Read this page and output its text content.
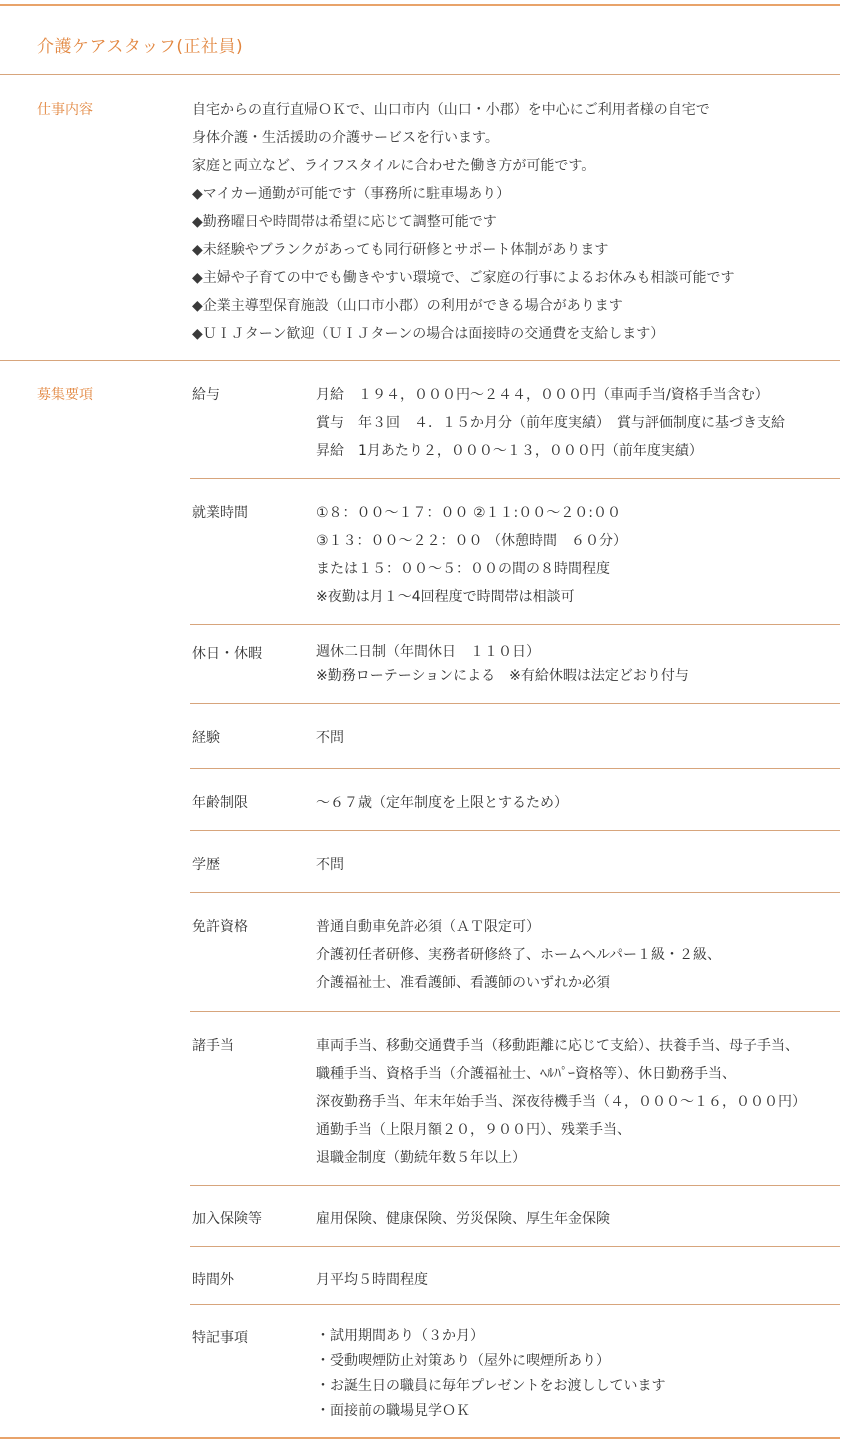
介護ケアスタッフ(正社員)
仕事内容	自宅からの直行直帰ＯＫで、山口市内（山口・小郡）を中心にご利用者様の自宅で
身体介護・生活援助の介護サービスを行います。
家庭と両立など、ライフスタイルに合わせた働き方が可能です。
◆マイカー通勤が可能です（事務所に駐車場あり）
◆勤務曜日や時間帯は希望に応じて調整可能です
◆未経験やブランクがあっても同行研修とサポート体制があります
◆主婦や子育ての中でも働きやすい環境で、ご家庭の行事によるお休みも相談可能です
◆企業主導型保育施設（山口市小郡）の利用ができる場合があります
◆ＵＩＪターン歓迎（ＵＩＪターンの場合は面接時の交通費を支給します）
募集要項	給与	月給　１９４，０００円～２４４，０００円（車両手当/資格手当含む）
賞与　年３回　４．１５か月分（前年度実績）　賞与評価制度に基づき支給
昇給　1月あたり２，０００～１３，０００円（前年度実績）
就業時間	①８：００～１７：００ ②１１:００～２０:００
③１３：００～２２：００ （休憩時間　６０分）
または１５：００～５：００の間の８時間程度
※夜勤は月１～4回程度で時間帯は相談可
休日・休暇	週休二日制（年間休日　１１０日）
※勤務ローテーションによる　※有給休暇は法定どおり付与
経験	不問
年齢制限	～６７歳（定年制度を上限とするため）
学歴	不問
免許資格	普通自動車免許必須（ＡＴ限定可）
介護初任者研修、実務者研修終了、ホームヘルパー１級・２級、
介護福祉士、准看護師、看護師のいずれか必須
諸手当	車両手当、移動交通費手当（移動距離に応じて支給）、扶養手当、母子手当、
職種手当、資格手当（介護福祉士、ﾍﾙﾊﾟｰ資格等）、休日勤務手当、
深夜勤務手当、年末年始手当、深夜待機手当（４，０００～１６，０００円）
通勤手当（上限月額２０，９００円）、残業手当、
退職金制度（勤続年数５年以上）
加入保険等	雇用保険、健康保険、労災保険、厚生年金保険
時間外	月平均５時間程度
特記事項	・試用期間あり（３か月）
・受動喫煙防止対策あり（屋外に喫煙所あり）
・お誕生日の職員に毎年プレゼントをお渡ししています
・面接前の職場見学ＯＫ
